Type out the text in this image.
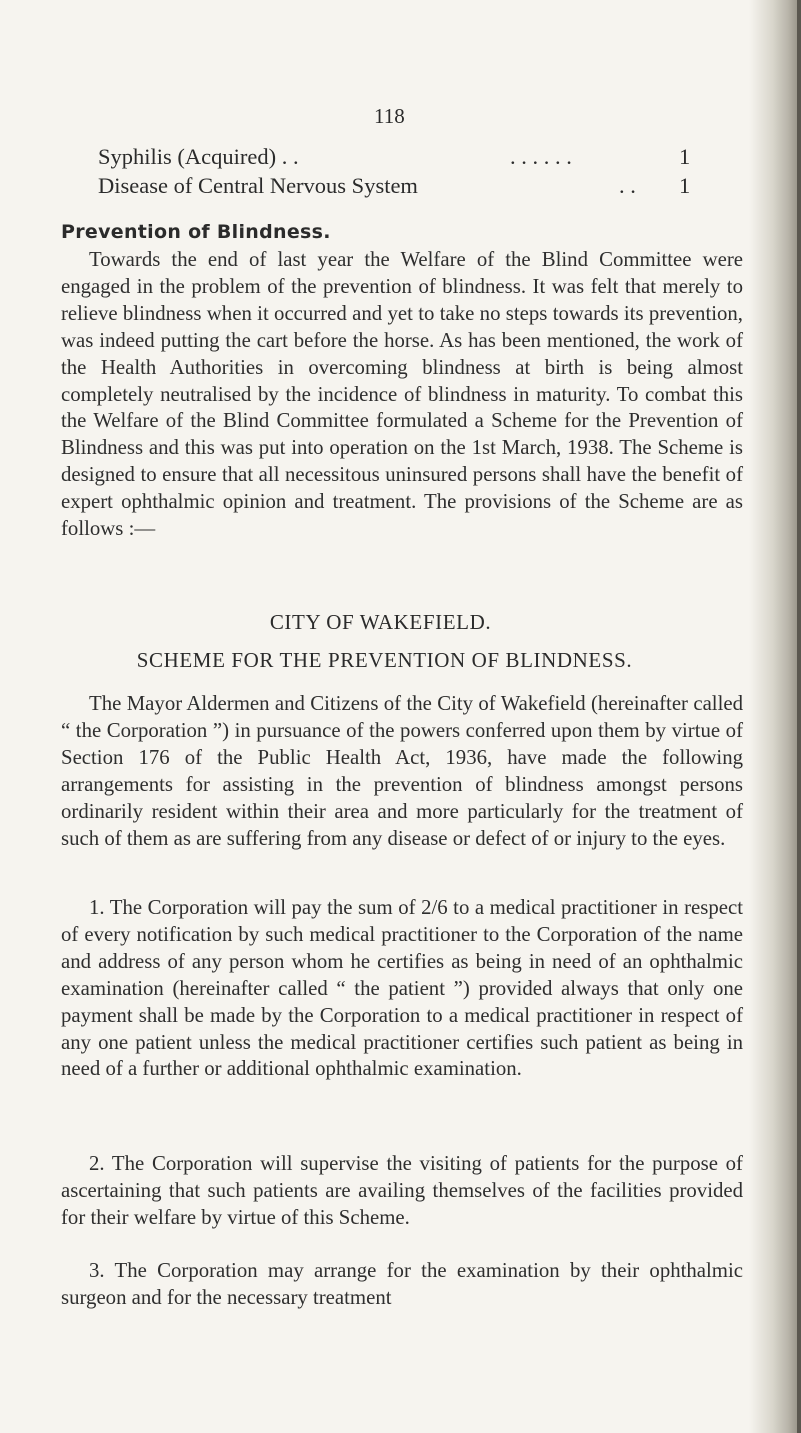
118
Syphilis (Acquired) . .	. . . . . .	1
Disease of Central Nervous System	. . 1
Prevention of Blindness.
Towards the end of last year the Welfare of the Blind Committee were engaged in the problem of the prevention of blindness. It was felt that merely to relieve blindness when it occurred and yet to take no steps towards its prevention, was indeed putting the cart before the horse. As has been mentioned, the work of the Health Authorities in overcoming blindness at birth is being almost completely neutralised by the incidence of blindness in maturity. To combat this the Welfare of the Blind Committee formulated a Scheme for the Prevention of Blindness and this was put into operation on the 1st March, 1938. The Scheme is designed to ensure that all necessitous uninsured persons shall have the benefit of expert ophthalmic opinion and treatment. The provisions of the Scheme are as follows :—
CITY OF WAKEFIELD.
SCHEME FOR THE PREVENTION OF BLINDNESS.
The Mayor Aldermen and Citizens of the City of Wakefield (hereinafter called “ the Corporation ”) in pursuance of the powers conferred upon them by virtue of Section 176 of the Public Health Act, 1936, have made the following arrangements for assisting in the prevention of blindness amongst persons ordinarily resident within their area and more particularly for the treatment of such of them as are suffering from any disease or defect of or injury to the eyes.
1. The Corporation will pay the sum of 2/6 to a medical practitioner in respect of every notification by such medical practitioner to the Corporation of the name and address of any person whom he certifies as being in need of an ophthalmic examination (hereinafter called “ the patient ”) provided always that only one payment shall be made by the Corporation to a medical practitioner in respect of any one patient unless the medical practitioner certifies such patient as being in need of a further or additional ophthalmic examination.
2. The Corporation will supervise the visiting of patients for the purpose of ascertaining that such patients are availing themselves of the facilities provided for their welfare by virtue of this Scheme.
3. The Corporation may arrange for the examination by their ophthalmic surgeon and for the necessary treatment
